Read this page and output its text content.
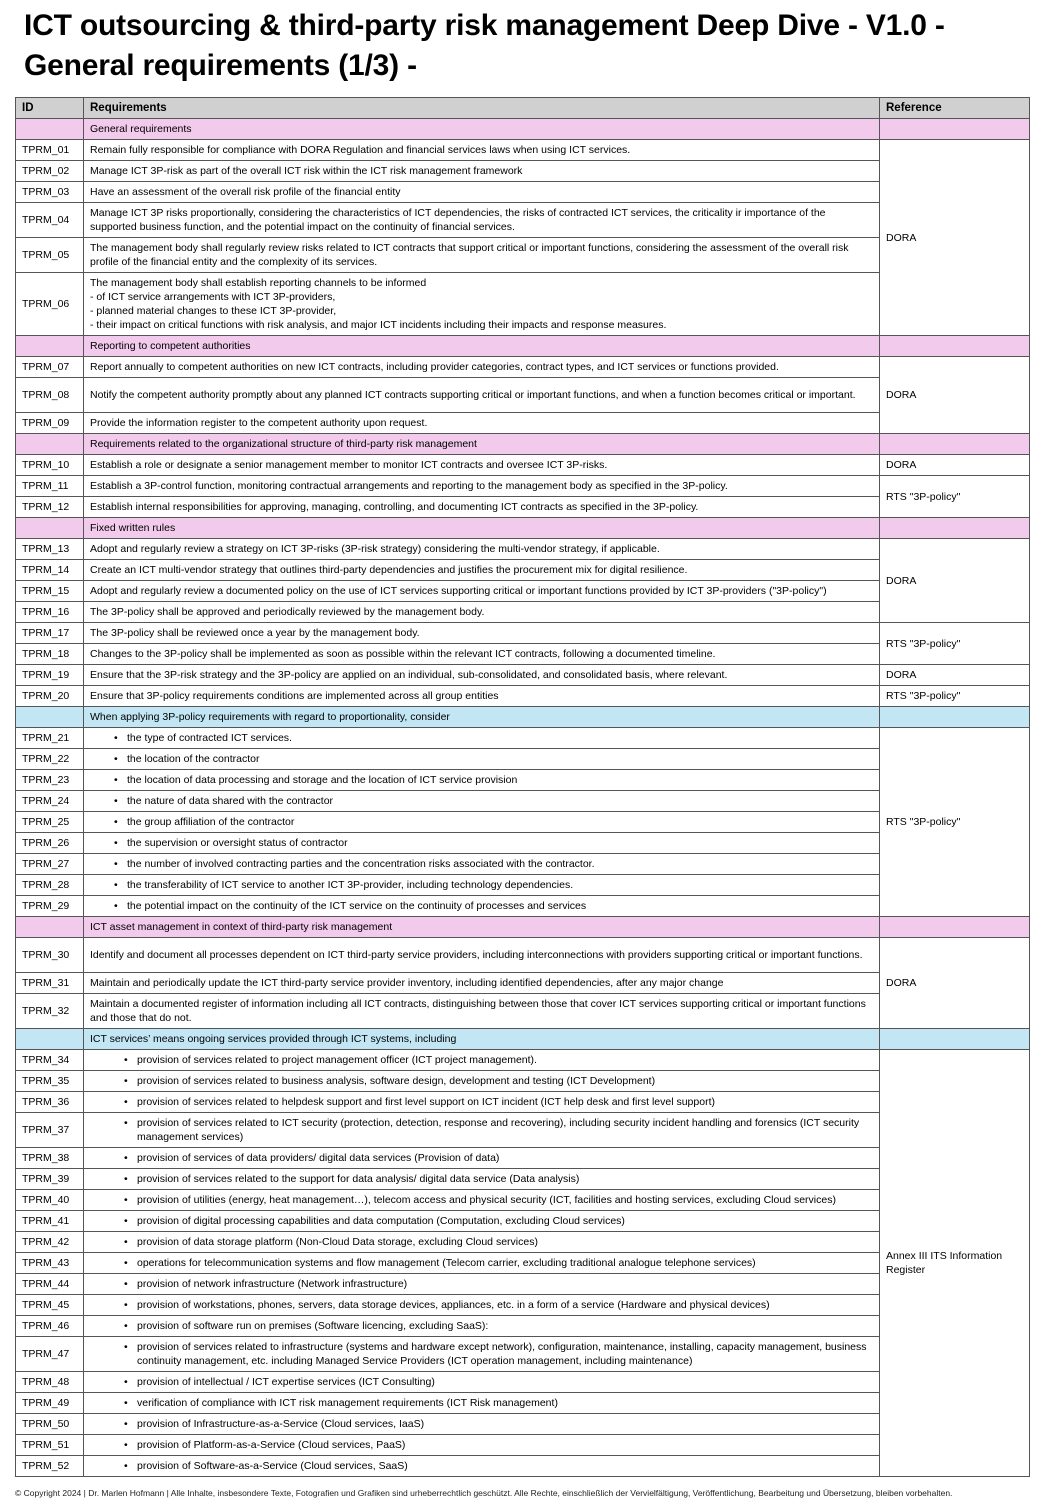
ICT outsourcing & third-party risk management Deep Dive - V1.0 - General requirements (1/3) -
ID	Requirements	Reference
	General requirements	
TPRM_01	Remain fully responsible for compliance with DORA Regulation and financial services laws when using ICT services.	DORA
TPRM_02	Manage ICT 3P-risk as part of the overall ICT risk within the ICT risk management framework	
TPRM_03	Have an assessment of the overall risk profile of the financial entity	
TPRM_04	Manage ICT 3P risks proportionally, considering the characteristics of ICT dependencies, the risks of contracted ICT services, the criticality ir importance of the supported business function, and the potential impact on the continuity of financial services.	
TPRM_05	The management body shall regularly review risks related to ICT contracts that support critical or important functions, considering the assessment of the overall risk profile of the financial entity and the complexity of its services.	
TPRM_06	The management body shall establish reporting channels to be informed
- of ICT service arrangements with ICT 3P-providers,
- planned material changes to these ICT 3P-provider,
- their impact on critical functions with risk analysis, and major ICT incidents including their impacts and response measures.	

	Reporting to competent authorities	
TPRM_07	Report annually to competent authorities on new ICT contracts, including provider categories, contract types, and ICT services or functions provided.	DORA
TPRM_08	Notify the competent authority promptly about any planned ICT contracts supporting critical or important functions, and when a function becomes critical or important.	
TPRM_09	Provide the information register to the competent authority upon request.	
	Requirements related to the organizational structure of third-party risk management	
TPRM_10	Establish a role or designate a senior management member to monitor ICT contracts and oversee ICT 3P-risks.	DORA
TPRM_11	Establish a 3P-control function, monitoring contractual arrangements and reporting to the management body as specified in the 3P-policy.	RTS "3P-policy"
TPRM_12	Establish internal responsibilities for approving, managing, controlling, and documenting ICT contracts as specified in the 3P-policy.	
	Fixed written rules	
TPRM_13	Adopt and regularly review a strategy on ICT 3P-risks (3P-risk strategy) considering the multi-vendor strategy, if applicable.	DORA
TPRM_14	Create an ICT multi-vendor strategy that outlines third-party dependencies and justifies the procurement mix for digital resilience.	
TPRM_15	Adopt and regularly review a documented policy on the use of ICT services supporting critical or important functions provided by ICT 3P-providers ("3P-policy")	
TPRM_16	The 3P-policy shall be approved and periodically reviewed by the management body.	
TPRM_17	The 3P-policy shall be reviewed once a year by the management body.	RTS "3P-policy"
TPRM_18	Changes to the 3P-policy shall be implemented as soon as possible within the relevant ICT contracts, following a documented timeline.	
TPRM_19	Ensure that the 3P-risk strategy and the 3P-policy are applied on an individual, sub-consolidated, and consolidated basis, where relevant.	DORA
TPRM_20	Ensure that 3P-policy requirements conditions are implemented across all group entities	RTS "3P-policy"
	When applying 3P-policy requirements with regard to proportionality, consider	
TPRM_21	• the type of contracted ICT services.	RTS "3P-policy"
TPRM_22	• the location of the contractor	

TPRM_23	• the location of data processing and storage and the location of ICT service provision	

TPRM_24	• the nature of data shared with the contractor	

TPRM_25	• the group affiliation of the contractor	

TPRM_26	• the supervision or oversight status of contractor	

TPRM_27	• the number of involved contracting parties and the concentration risks associated with the contractor.	

TPRM_28	• the transferability of ICT service to another ICT 3P-provider, including technology dependencies.	

TPRM_29	• the potential impact on the continuity of the ICT service on the continuity of processes and services	

	ICT asset management in context of third-party risk management	
TPRM_30	Identify and document all processes dependent on ICT third-party service providers, including interconnections with providers supporting critical or important functions.	DORA
TPRM_31	Maintain and periodically update the ICT third-party service provider inventory, including identified dependencies, after any major change	
TPRM_32	Maintain a documented register of information including all ICT contracts, distinguishing between those that cover ICT services supporting critical or important functions and those that do not.	
	ICT services’ means ongoing services provided through ICT systems, including	
TPRM_34	• provision of services related to project management officer (ICT project management).	Annex III ITS Information Register
TPRM_35	• provision of services related to business analysis, software design, development and testing (ICT Development)	

TPRM_36	• provision of services related to helpdesk support and first level support on ICT incident (ICT help desk and first level support)	

TPRM_37	• provision of services related to ICT security (protection, detection, response and recovering), including security incident handling and forensics (ICT security management services)	

TPRM_38	• provision of services of data providers/ digital data services (Provision of data)	

TPRM_39	• provision of services related to the support for data analysis/ digital data service (Data analysis)	

TPRM_40	• provision of utilities (energy, heat management…), telecom access and physical security (ICT, facilities and hosting services, excluding Cloud services)	

TPRM_41	• provision of digital processing capabilities and data computation (Computation, excluding Cloud services)	

TPRM_42	• provision of data storage platform (Non-Cloud Data storage, excluding Cloud services)	

TPRM_43	• operations for telecommunication systems and flow management (Telecom carrier, excluding traditional analogue telephone services)	

TPRM_44	• provision of network infrastructure (Network infrastructure)	

TPRM_45	• provision of workstations, phones, servers, data storage devices, appliances, etc. in a form of a service (Hardware and physical devices)	

TPRM_46	• provision of software run on premises (Software licencing, excluding SaaS):	

TPRM_47	• provision of services related to infrastructure (systems and hardware except network), configuration, maintenance, installing, capacity management, business continuity management, etc. including Managed Service Providers (ICT operation management, including maintenance)	

TPRM_48	• provision of intellectual / ICT expertise services (ICT Consulting)	

TPRM_49	• verification of compliance with ICT risk management requirements (ICT Risk management)	

TPRM_50	• provision of Infrastructure-as-a-Service (Cloud services, IaaS)	

TPRM_51	• provision of Platform-as-a-Service (Cloud services, PaaS)	

TPRM_52	• provision of Software-as-a-Service (Cloud services, SaaS)	
© Copyright 2024 | Dr. Marlen Hofmann | Alle Inhalte, insbesondere Texte, Fotografien und Grafiken sind urheberrechtlich geschützt. Alle Rechte, einschließlich der Vervielfältigung, Veröffentlichung, Bearbeitung und Übersetzung, bleiben vorbehalten.
